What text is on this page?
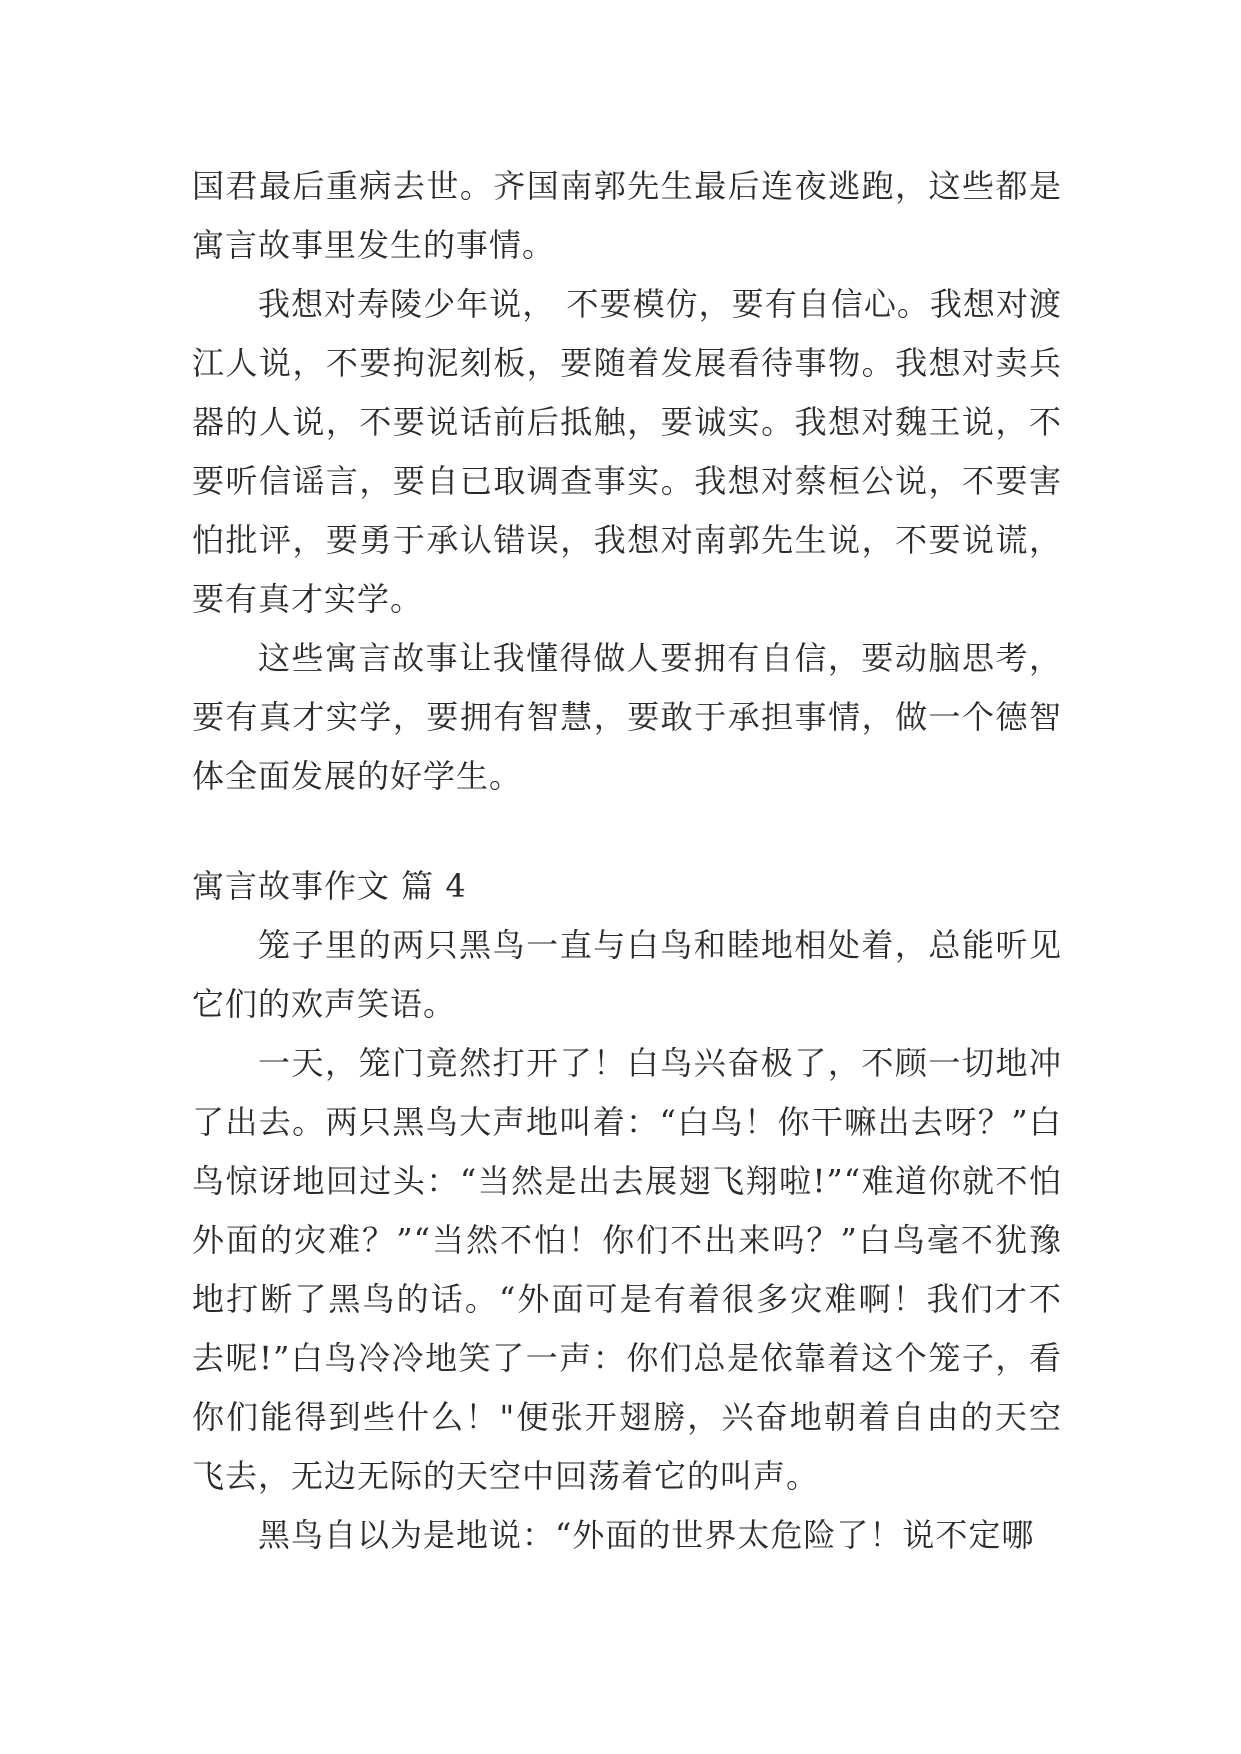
国君最后重病去世。齐国南郭先生最后连夜逃跑，这些都是寓言故事里发生的事情。

我想对寿陵少年说， 不要模仿，要有自信心。我想对渡江人说，不要拘泥刻板，要随着发展看待事物。我想对卖兵器的人说，不要说话前后抵触，要诚实。我想对魏王说，不要听信谣言，要自已取调查事实。我想对蔡桓公说，不要害怕批评，要勇于承认错误，我想对南郭先生说，不要说谎，要有真才实学。

这些寓言故事让我懂得做人要拥有自信，要动脑思考，要有真才实学，要拥有智慧，要敢于承担事情，做一个德智体全面发展的好学生。

寓言故事作文 篇 4

笼子里的两只黑鸟一直与白鸟和睦地相处着，总能听见它们的欢声笑语。

一天，笼门竟然打开了！白鸟兴奋极了，不顾一切地冲了出去。两只黑鸟大声地叫着：“白鸟！你干嘛出去呀？”白鸟惊讶地回过头：“当然是出去展翅飞翔啦!”“难道你就不怕外面的灾难？”“当然不怕！你们不出来吗？”白鸟毫不犹豫地打断了黑鸟的话。“外面可是有着很多灾难啊！我们才不去呢!”白鸟冷冷地笑了一声：你们总是依靠着这个笼子，看你们能得到些什么！"便张开翅膀，兴奋地朝着自由的天空飞去，无边无际的天空中回荡着它的叫声。

黑鸟自以为是地说：“外面的世界太危险了！说不定哪
